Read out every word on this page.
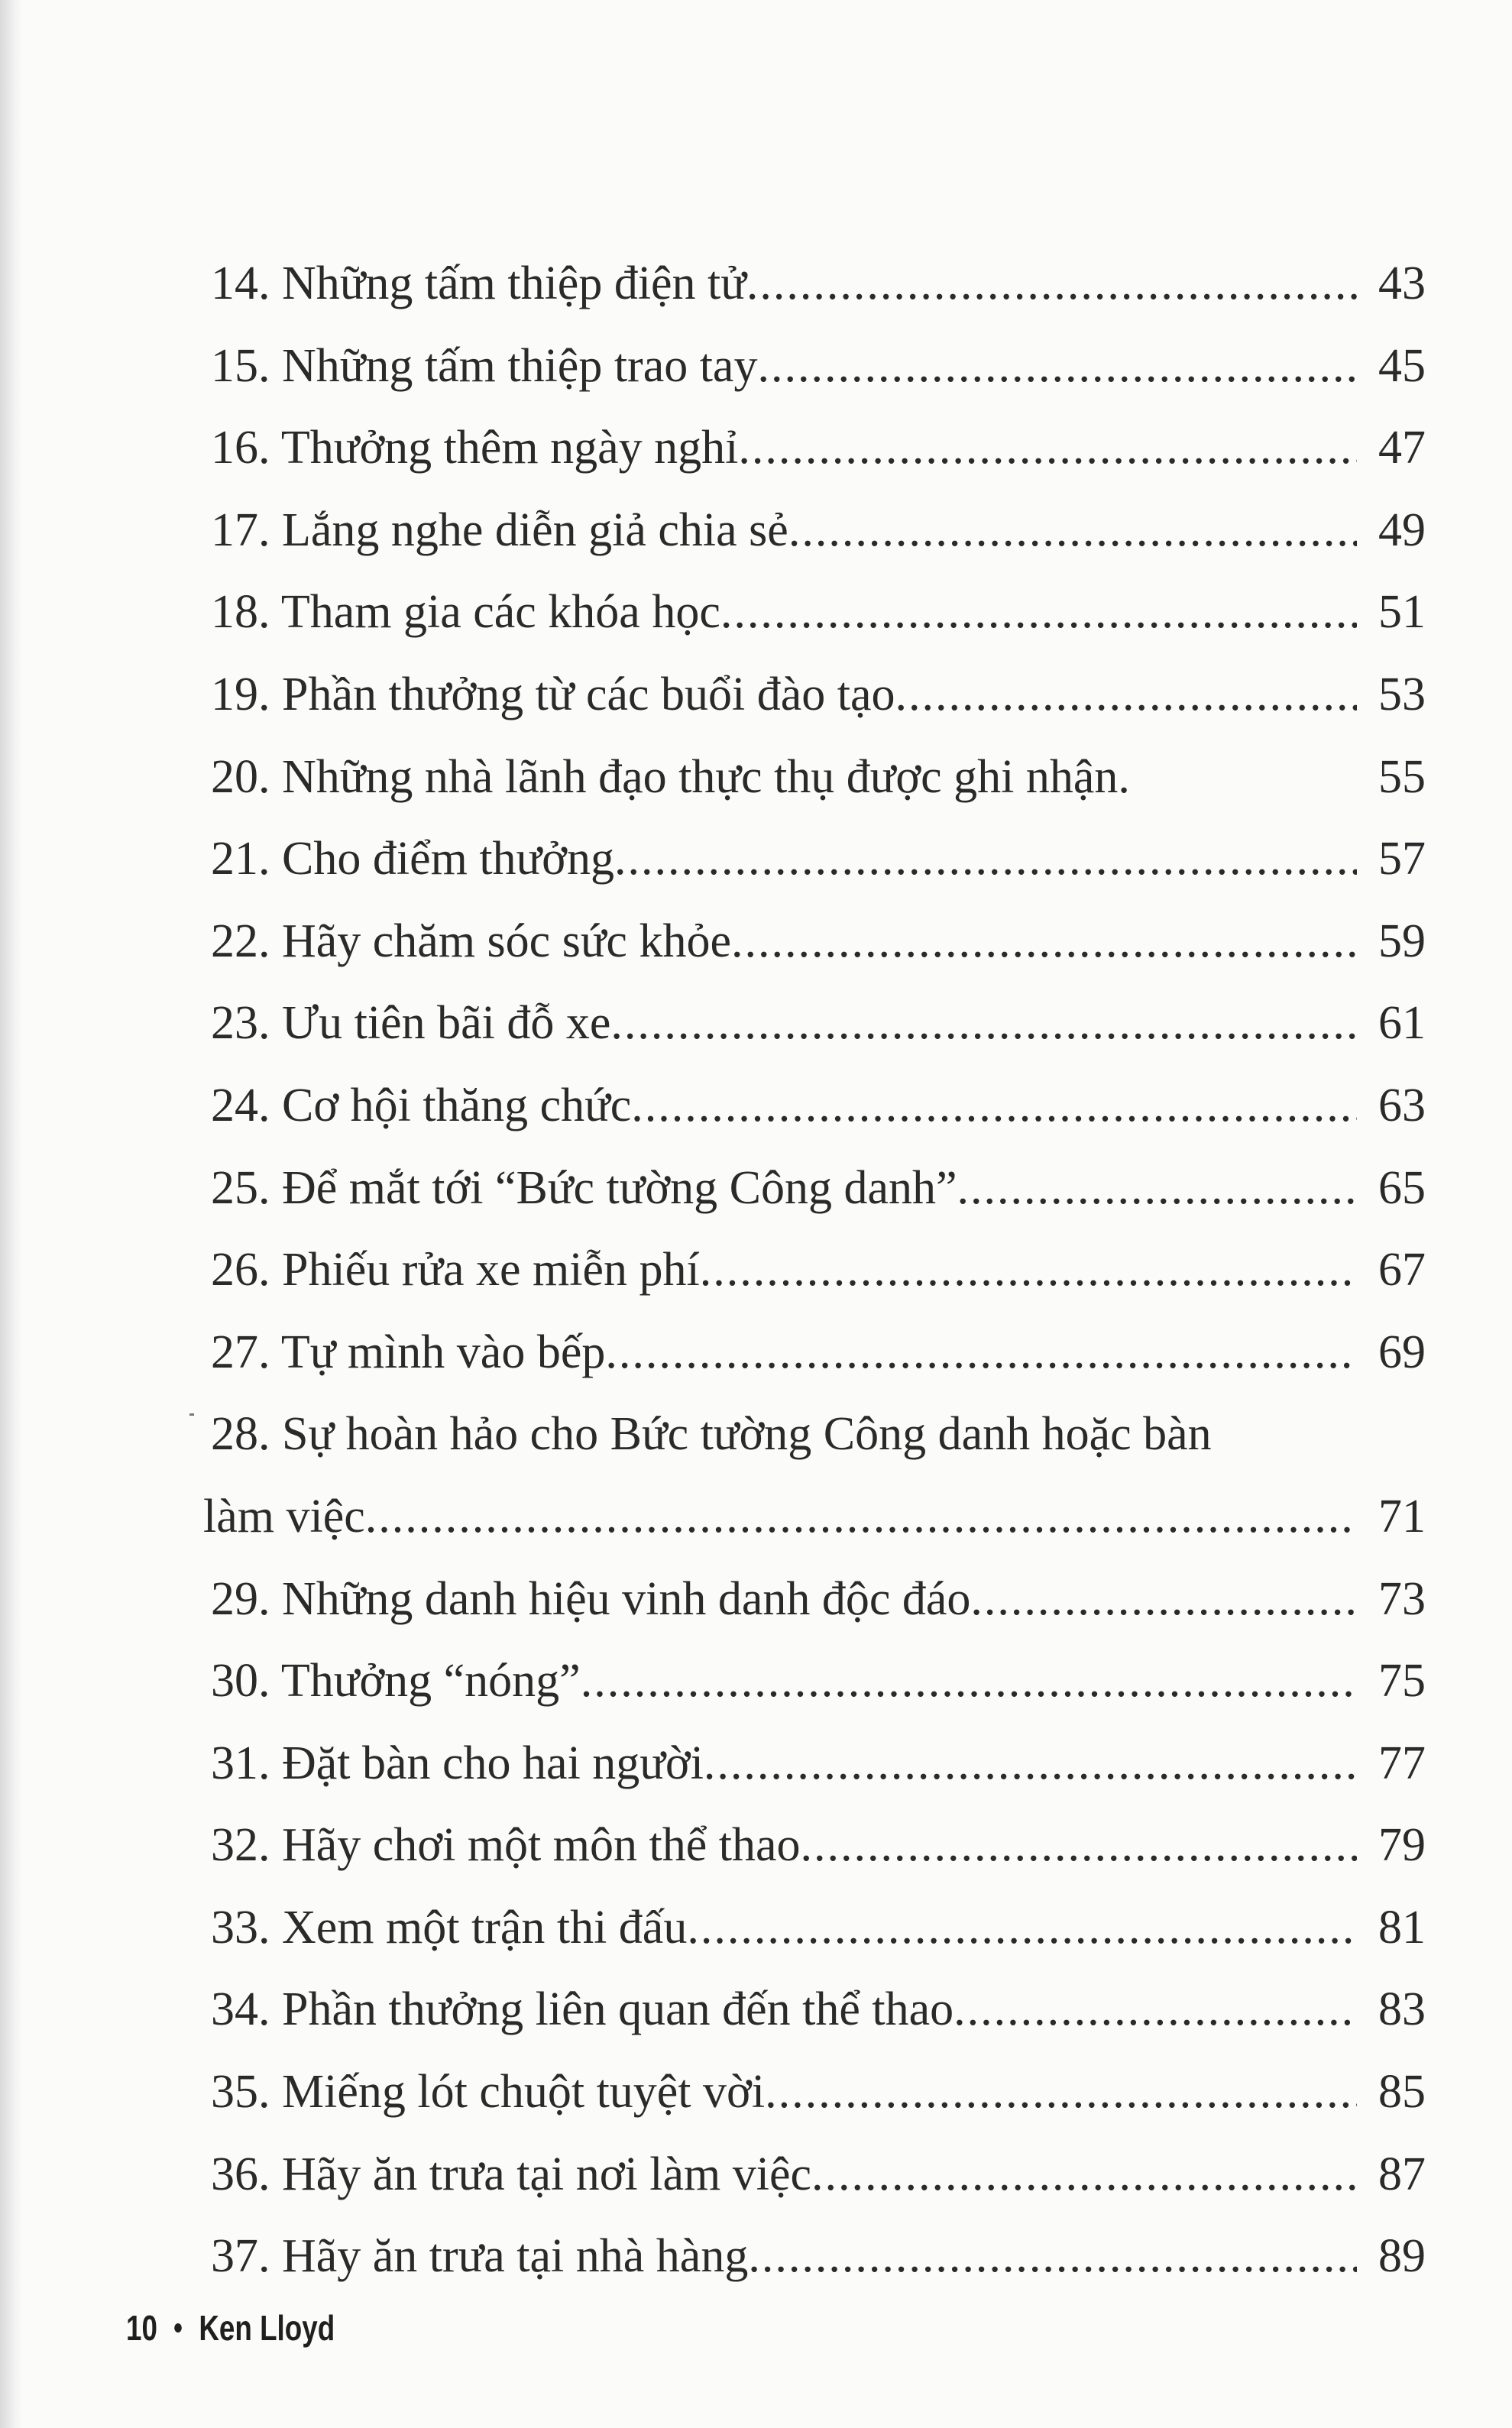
14. Những tấm thiệp điện tử .....	43
15. Những tấm thiệp trao tay .....	45
16. Thưởng thêm ngày nghỉ .....	47
17. Lắng nghe diễn giả chia sẻ .....	49
18. Tham gia các khóa học .....	51
19. Phần thưởng từ các buổi đào tạo .....	53
20. Những nhà lãnh đạo thực thụ được ghi nhận.	55
21. Cho điểm thưởng .....	57
22. Hãy chăm sóc sức khỏe .....	59
23. Ưu tiên bãi đỗ xe .....	61
24. Cơ hội thăng chức .....	63
25. Để mắt tới “Bức tường Công danh” .....	65
26. Phiếu rửa xe miễn phí .....	67
27. Tự mình vào bếp .....	69
28. Sự hoàn hảo cho Bức tường Công danh hoặc bàn
làm việc .....	71
29. Những danh hiệu vinh danh độc đáo .....	73
30. Thưởng “nóng” .....	75
31. Đặt bàn cho hai người .....	77
32. Hãy chơi một môn thể thao .....	79
33. Xem một trận thi đấu .....	81
34. Phần thưởng liên quan đến thể thao .....	83
35. Miếng lót chuột tuyệt vời .....	85
36. Hãy ăn trưa tại nơi làm việc .....	87
37. Hãy ăn trưa tại nhà hàng .....	89
10 Ken Lloyd
